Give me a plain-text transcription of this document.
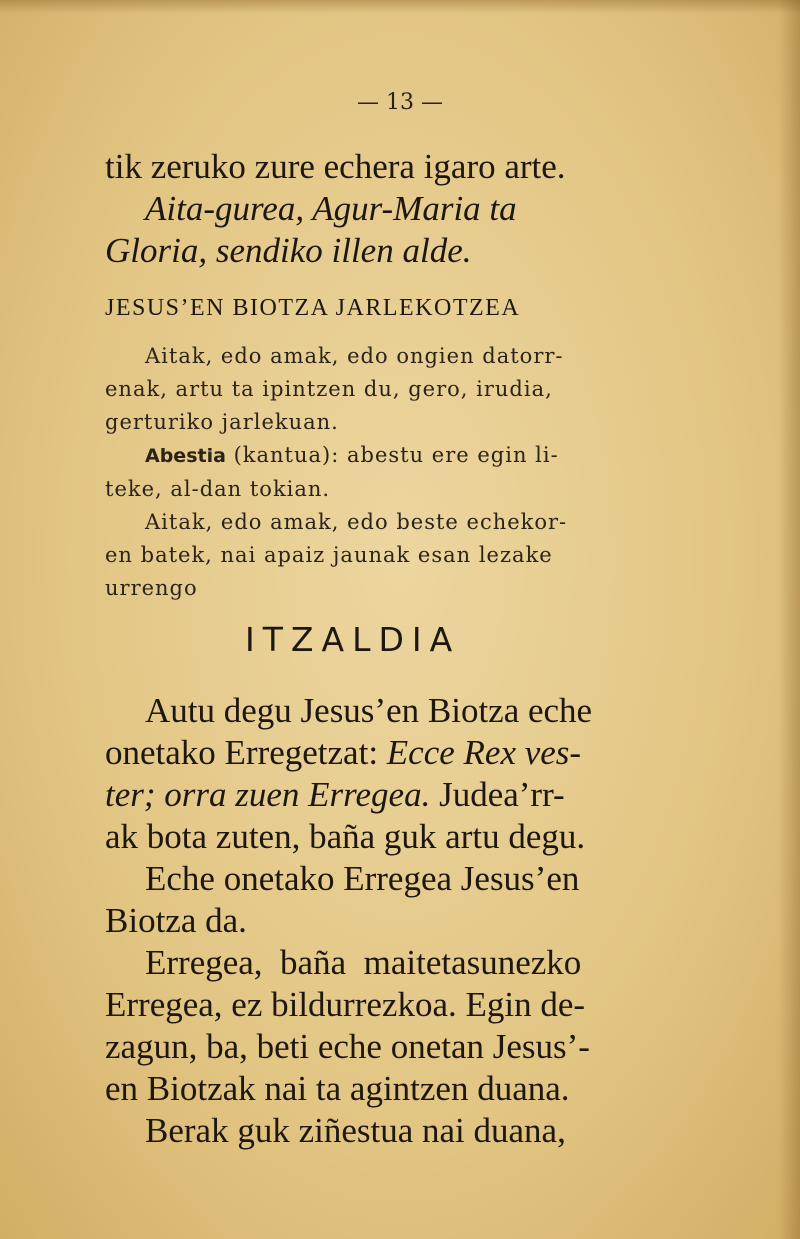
— 13 —
tik zeruko zure echera igaro arte.
Aita-gurea, Agur-Maria ta
Gloria, sendiko illen alde.
JESUS’EN BIOTZA JARLEKOTZEA
Aitak, edo amak, edo ongien datorr-
enak, artu ta ipintzen du, gero, irudia,
gerturiko jarlekuan.
Abestia (kantua): abestu ere egin li-
teke, al-dan tokian.
Aitak, edo amak, edo beste echekor-
en batek, nai apaiz jaunak esan lezake
urrengo
ITZALDIA
Autu degu Jesus’en Biotza eche
onetako Erregetzat: Ecce Rex ves-
ter; orra zuen Erregea. Judea’rr-
ak bota zuten, baña guk artu degu.
Eche onetako Erregea Jesus’en
Biotza da.
Erregea,  baña  maitetasunezko
Erregea, ez bildurrezkoa. Egin de-
zagun, ba, beti eche onetan Jesus’-
en Biotzak nai ta agintzen duana.
Berak guk ziñestua nai duana,
